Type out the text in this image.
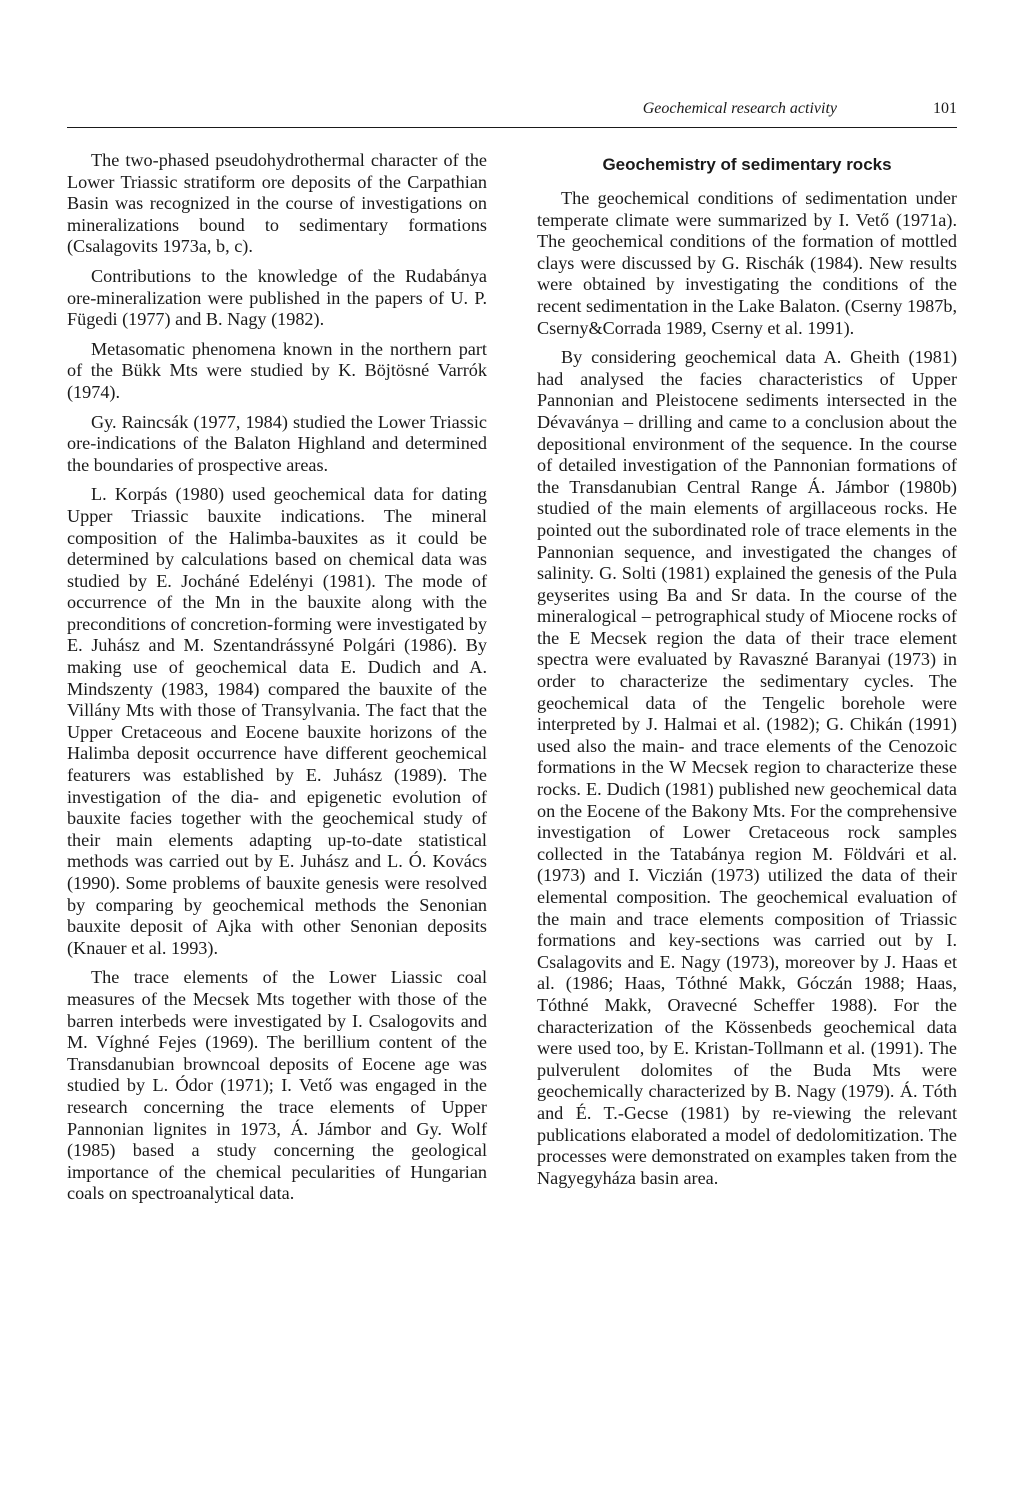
Geochemical research activity	101

The two-phased pseudohydrothermal character of the Lower Triassic stratiform ore deposits of the Carpathian Basin was recognized in the course of investigations on mineralizations bound to sedimentary formations (Csalagovits 1973a, b, c).

Contributions to the knowledge of the Rudabánya ore-mineralization were published in the papers of U. P. Fügedi (1977) and B. Nagy (1982).

Metasomatic phenomena known in the northern part of the Bükk Mts were studied by K. Böjtösné Varrók (1974).

Gy. Raincsák (1977, 1984) studied the Lower Triassic ore-indications of the Balaton Highland and determined the boundaries of prospective areas.

L. Korpás (1980) used geochemical data for dating Upper Triassic bauxite indications. The mineral composition of the Halimba-bauxites as it could be determined by calculations based on chemical data was studied by E. Jocháné Edelényi (1981). The mode of occurrence of the Mn in the bauxite along with the preconditions of concretion-forming were investigated by E. Juhász and M. Szentandrássyné Polgári (1986). By making use of geochemical data E. Dudich and A. Mindszenty (1983, 1984) compared the bauxite of the Villány Mts with those of Transylvania. The fact that the Upper Cretaceous and Eocene bauxite horizons of the Halimba deposit occurrence have different geochemical featurers was established by E. Juhász (1989). The investigation of the dia- and epigenetic evolution of bauxite facies together with the geochemical study of their main elements adapting up-to-date statistical methods was carried out by E. Juhász and L. Ó. Kovács (1990). Some problems of bauxite genesis were resolved by comparing by geochemical methods the Senonian bauxite deposit of Ajka with other Senonian deposits (Knauer et al. 1993).

The trace elements of the Lower Liassic coal measures of the Mecsek Mts together with those of the barren interbeds were investigated by I. Csalogovits and M. Víghné Fejes (1969). The berillium content of the Transdanubian browncoal deposits of Eocene age was studied by L. Ódor (1971); I. Vető was engaged in the research concerning the trace elements of Upper Pannonian lignites in 1973, Á. Jámbor and Gy. Wolf (1985) based a study concerning the geological importance of the chemical pecularities of Hungarian coals on spectroanalytical data.

Geochemistry of sedimentary rocks

The geochemical conditions of sedimentation under temperate climate were summarized by I. Vető (1971a). The geochemical conditions of the formation of mottled clays were discussed by G. Rischák (1984). New results were obtained by investigating the conditions of the recent sedimentation in the Lake Balaton. (Cserny 1987b, Cserny&Corrada 1989, Cserny et al. 1991).

By considering geochemical data A. Gheith (1981) had analysed the facies characteristics of Upper Pannonian and Pleistocene sediments intersected in the Dévaványa – drilling and came to a conclusion about the depositional environment of the sequence. In the course of detailed investigation of the Pannonian formations of the Transdanubian Central Range Á. Jámbor (1980b) studied of the main elements of argillaceous rocks. He pointed out the subordinated role of trace elements in the Pannonian sequence, and investigated the changes of salinity. G. Solti (1981) explained the genesis of the Pula geyserites using Ba and Sr data. In the course of the mineralogical – petrographical study of Miocene rocks of the E Mecsek region the data of their trace element spectra were evaluated by Ravaszné Baranyai (1973) in order to characterize the sedimentary cycles. The geochemical data of the Tengelic borehole were interpreted by J. Halmai et al. (1982); G. Chikán (1991) used also the main- and trace elements of the Cenozoic formations in the W Mecsek region to characterize these rocks. E. Dudich (1981) published new geochemical data on the Eocene of the Bakony Mts. For the comprehensive investigation of Lower Cretaceous rock samples collected in the Tatabánya region M. Földvári et al. (1973) and I. Viczián (1973) utilized the data of their elemental composition. The geochemical evaluation of the main and trace elements composition of Triassic formations and key-sections was carried out by I. Csalagovits and E. Nagy (1973), moreover by J. Haas et al. (1986; Haas, Tóthné Makk, Góczán 1988; Haas, Tóthné Makk, Oravecné Scheffer 1988). For the characterization of the Kössenbeds geochemical data were used too, by E. Kristan-Tollmann et al. (1991). The pulverulent dolomites of the Buda Mts were geochemically characterized by B. Nagy (1979). Á. Tóth and É. T.-Gecse (1981) by re-viewing the relevant publications elaborated a model of dedolomitization. The processes were demonstrated on examples taken from the Nagyegyháza basin area.
